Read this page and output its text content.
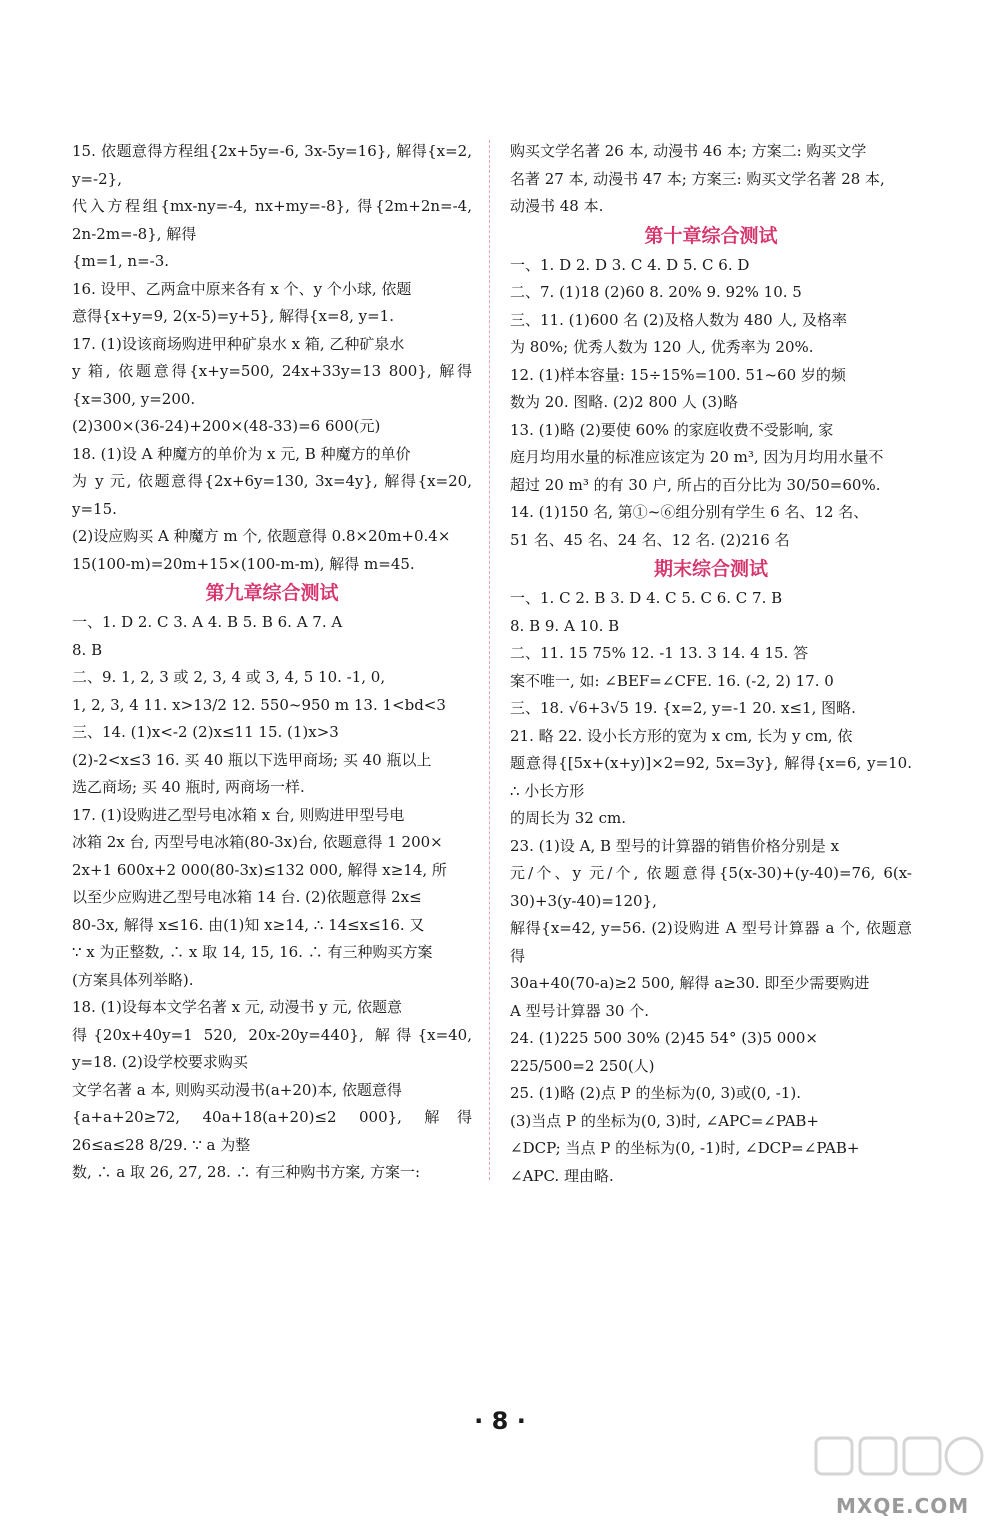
15. 依题意得方程组{2x+5y=-6, 3x-5y=16}, 解得{x=2, y=-2},
代入方程组{mx-ny=-4, nx+my=-8}, 得{2m+2n=-4, 2n-2m=-8}, 解得
{m=1, n=-3.
16. 设甲、乙两盒中原来各有 x 个、y 个小球, 依题
意得{x+y=9, 2(x-5)=y+5}, 解得{x=8, y=1.
17. (1)设该商场购进甲种矿泉水 x 箱, 乙种矿泉水
y 箱, 依题意得{x+y=500, 24x+33y=13 800}, 解得{x=300, y=200.
(2)300×(36-24)+200×(48-33)=6 600(元)
18. (1)设 A 种魔方的单价为 x 元, B 种魔方的单价
为 y 元, 依题意得{2x+6y=130, 3x=4y}, 解得{x=20, y=15.
(2)设应购买 A 种魔方 m 个, 依题意得 0.8×20m+0.4×
15(100-m)=20m+15×(100-m-m), 解得 m=45.
第九章综合测试
一、1. D 2. C 3. A 4. B 5. B 6. A 7. A
8. B
二、9. 1, 2, 3 或 2, 3, 4 或 3, 4, 5 10. -1, 0,
1, 2, 3, 4 11. x>13/2 12. 550~950 m 13. 1<bd<3
三、14. (1)x<-2 (2)x≤11 15. (1)x>3
(2)-2<x≤3 16. 买 40 瓶以下选甲商场; 买 40 瓶以上
选乙商场; 买 40 瓶时, 两商场一样.
17. (1)设购进乙型号电冰箱 x 台, 则购进甲型号电
冰箱 2x 台, 丙型号电冰箱(80-3x)台, 依题意得 1 200×
2x+1 600x+2 000(80-3x)≤132 000, 解得 x≥14, 所
以至少应购进乙型号电冰箱 14 台. (2)依题意得 2x≤
80-3x, 解得 x≤16. 由(1)知 x≥14, ∴ 14≤x≤16. 又
∵ x 为正整数, ∴ x 取 14, 15, 16. ∴ 有三种购买方案
(方案具体列举略).
18. (1)设每本文学名著 x 元, 动漫书 y 元, 依题意
得{20x+40y=1 520, 20x-20y=440}, 解得{x=40, y=18. (2)设学校要求购买
文学名著 a 本, 则购买动漫书(a+20)本, 依题意得
{a+a+20≥72, 40a+18(a+20)≤2 000}, 解得 26≤a≤28 8/29. ∵ a 为整
数, ∴ a 取 26, 27, 28. ∴ 有三种购书方案, 方案一:
购买文学名著 26 本, 动漫书 46 本; 方案二: 购买文学
名著 27 本, 动漫书 47 本; 方案三: 购买文学名著 28 本,
动漫书 48 本.
第十章综合测试
一、1. D 2. D 3. C 4. D 5. C 6. D
二、7. (1)18 (2)60 8. 20% 9. 92% 10. 5
三、11. (1)600 名 (2)及格人数为 480 人, 及格率
为 80%; 优秀人数为 120 人, 优秀率为 20%.
12. (1)样本容量: 15÷15%=100. 51~60 岁的频
数为 20. 图略. (2)2 800 人 (3)略
13. (1)略 (2)要使 60% 的家庭收费不受影响, 家
庭月均用水量的标准应该定为 20 m³, 因为月均用水量不
超过 20 m³ 的有 30 户, 所占的百分比为 30/50=60%.
14. (1)150 名, 第①~⑥组分别有学生 6 名、12 名、
51 名、45 名、24 名、12 名. (2)216 名
期末综合测试
一、1. C 2. B 3. D 4. C 5. C 6. C 7. B
8. B 9. A 10. B
二、11. 15 75% 12. -1 13. 3 14. 4 15. 答
案不唯一, 如: ∠BEF=∠CFE. 16. (-2, 2) 17. 0
三、18. √6+3√5 19. {x=2, y=-1 20. x≤1, 图略.
21. 略 22. 设小长方形的宽为 x cm, 长为 y cm, 依
题意得{[5x+(x+y)]×2=92, 5x=3y}, 解得{x=6, y=10. ∴ 小长方形
的周长为 32 cm.
23. (1)设 A, B 型号的计算器的销售价格分别是 x
元/个、y 元/个, 依题意得{5(x-30)+(y-40)=76, 6(x-30)+3(y-40)=120},
解得{x=42, y=56. (2)设购进 A 型号计算器 a 个, 依题意得
30a+40(70-a)≥2 500, 解得 a≥30. 即至少需要购进
A 型号计算器 30 个.
24. (1)225 500 30% (2)45 54° (3)5 000×
225/500=2 250(人)
25. (1)略 (2)点 P 的坐标为(0, 3)或(0, -1).
(3)当点 P 的坐标为(0, 3)时, ∠APC=∠PAB+
∠DCP; 当点 P 的坐标为(0, -1)时, ∠DCP=∠PAB+
∠APC. 理由略.
· 8 ·
MXQE.COM
